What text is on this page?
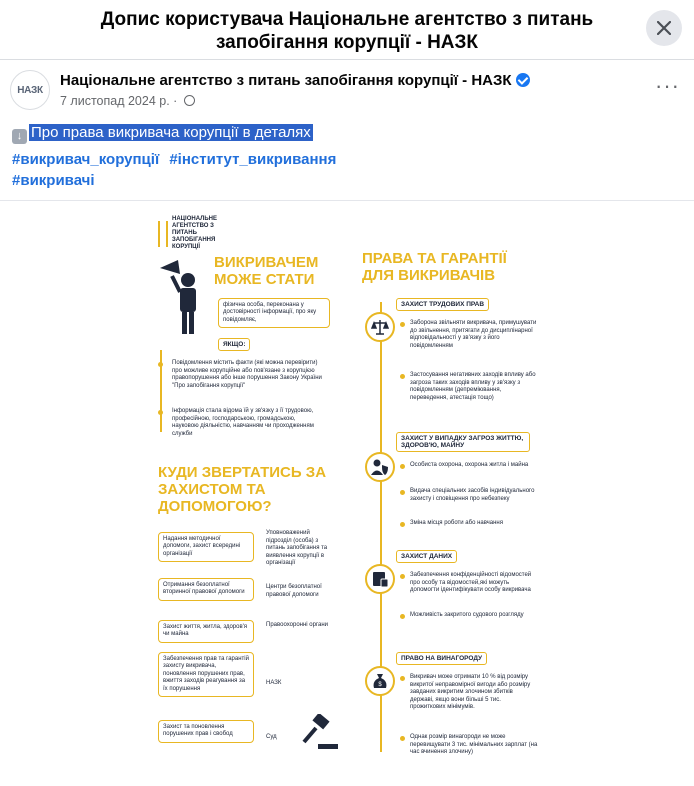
Допис користувача Національне агентство з питань запобігання корупції - НАЗК
НАЗК
Національне агентство з питань запобігання корупції - НАЗК
7 листопад 2024 р. ·
···
↓ Про права викривача корупції в деталях
#викривач_корупції #інститут_викривання
#викривачі
НАЦІОНАЛЬНЕ АГЕНТСТВО З ПИТАНЬ ЗАПОБІГАННЯ КОРУПЦІЇ
ВИКРИВАЧЕМ МОЖЕ СТАТИ
фізична особа, переконана у достовірності інформації, про яку повідомляє,
ЯКЩО:
Повідомлення містить факти (які можна перевірити) про можливе корупційне або пов'язане з корупцією правопорушення або інше порушення Закону України "Про запобігання корупції"
Інформація стала відома їй у зв'язку з її трудовою, професійною, господарською, громадською, науковою діяльністю, навчанням чи проходженням служби
КУДИ ЗВЕРТАТИСЬ ЗА ЗАХИСТОМ ТА ДОПОМОГОЮ?
Надання методичної допомоги, захист всередині організації
Уповноважений підрозділ (особа) з питань запобігання та виявлення корупції в організації
Отримання безоплатної вторинної правової допомоги
Центри безоплатної правової допомоги
Захист життя, житла, здоров'я чи майна
Правоохоронні органи
Забезпечення прав та гарантій захисту викривача, поновлення порушених прав, вжиття заходів реагування за їх порушення
НАЗК
Захист та поновлення порушених прав і свобод	Суд
ПРАВА ТА ГАРАНТІЇ ДЛЯ ВИКРИВАЧІВ
ЗАХИСТ ТРУДОВИХ ПРАВ
Заборона звільняти викривача, примушувати до звільнення, притягати до дисциплінарної відповідальності у зв'язку з його повідомленням
Застосування негативних заходів впливу або загроза таких заходів впливу у зв'язку з повідомленням (депреміювання, переведення, атестація тощо)
ЗАХИСТ У ВИПАДКУ ЗАГРОЗ ЖИТТЮ, ЗДОРОВ'Ю, МАЙНУ
Особиста охорона, охорона житла і майна
Видача спеціальних засобів індивідуального захисту і сповіщення про небезпеку
Зміна місця роботи або навчання
ЗАХИСТ ДАНИХ
Забезпечення конфіденційності відомостей про особу та відомостей,які можуть допомогти ідентифікувати особу викривача
Можливість закритого судового розгляду
ПРАВО НА ВИНАГОРОДУ
$
Викривач може отримати 10 % від розміру викритої неправомірної вигоди або розміру завданих викритим злочином збитків державі, якщо вони більші 5 тис. прожиткових мінімумів.
Однак розмір винагороди не може перевищувати 3 тис. мінімальних зарплат (на час вчинення злочину)
